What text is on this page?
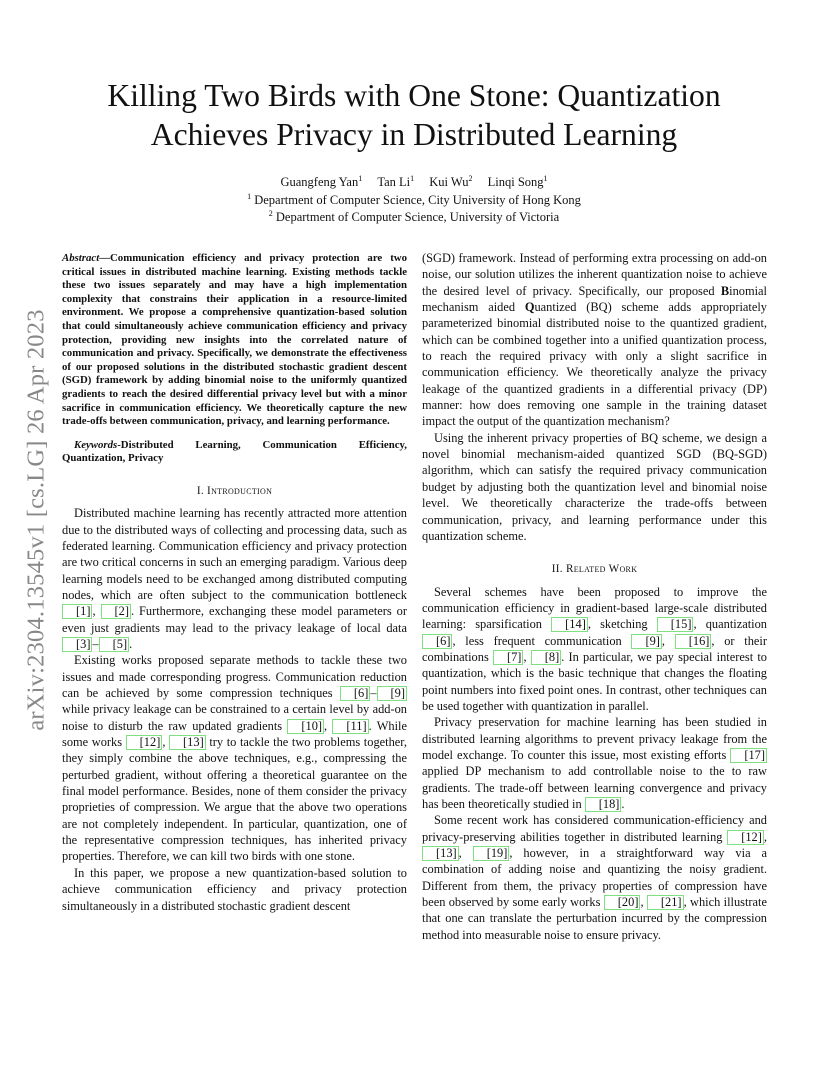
arXiv:2304.13545v1 [cs.LG] 26 Apr 2023
Killing Two Birds with One Stone: Quantization
Achieves Privacy in Distributed Learning
Guangfeng Yan$^1$ Tan Li$^1$ Kui Wu$^2$ Linqi Song$^1$
$^1$ Department of Computer Science, City University of Hong Kong
$^2$ Department of Computer Science, University of Victoria

Abstract—Communication efficiency and privacy protection are two critical issues in distributed machine learning. Existing methods tackle these two issues separately and may have a high implementation complexity that constrains their application in a resource-limited environment. We propose a comprehensive quantization-based solution that could simultaneously achieve communication efficiency and privacy protection, providing new insights into the correlated nature of communication and privacy. Specifically, we demonstrate the effectiveness of our proposed solutions in the distributed stochastic gradient descent (SGD) framework by adding binomial noise to the uniformly quantized gradients to reach the desired differential privacy level but with a minor sacrifice in communication efficiency. We theoretically capture the new trade-offs between communication, privacy, and learning performance.

Keywords-Distributed Learning, Communication Efficiency, Quantization, Privacy

I. Introduction

Distributed machine learning has recently attracted more attention due to the distributed ways of collecting and processing data, such as federated learning. Communication efficiency and privacy protection are two critical concerns in such an emerging paradigm. Various deep learning models need to be exchanged among distributed computing nodes, which are often subject to the communication bottleneck [1] , [2] . Furthermore, exchanging these model parameters or even just gradients may lead to the privacy leakage of local data [3] – [5] .

Existing works proposed separate methods to tackle these two issues and made corresponding progress. Communication reduction can be achieved by some compression techniques [6] – [9] while privacy leakage can be constrained to a certain level by add-on noise to disturb the raw updated gradients [10] , [11] . While some works [12] , [13] try to tackle the two problems together, they simply combine the above techniques, e.g., compressing the perturbed gradient, without offering a theoretical guarantee on the final model performance. Besides, none of them consider the privacy proprieties of compression. We argue that the above two operations are not completely independent. In particular, quantization, one of the representative compression techniques, has inherited privacy properties. Therefore, we can kill two birds with one stone.

In this paper, we propose a new quantization-based solution to achieve communication efficiency and privacy protection simultaneously in a distributed stochastic gradient descent

(SGD) framework. Instead of performing extra processing on add-on noise, our solution utilizes the inherent quantization noise to achieve the desired level of privacy. Specifically, our proposed Binomial mechanism aided Quantized (BQ) scheme adds appropriately parameterized binomial distributed noise to the quantized gradient, which can be combined together into a unified quantization process, to reach the required privacy with only a slight sacrifice in communication efficiency. We theoretically analyze the privacy leakage of the quantized gradients in a differential privacy (DP) manner: how does removing one sample in the training dataset impact the output of the quantization mechanism?

Using the inherent privacy properties of BQ scheme, we design a novel binomial mechanism-aided quantized SGD (BQ-SGD) algorithm, which can satisfy the required privacy communication budget by adjusting both the quantization level and binomial noise level. We theoretically characterize the trade-offs between communication, privacy, and learning performance under this quantization scheme.

II. Related Work

Several schemes have been proposed to improve the communication efficiency in gradient-based large-scale distributed learning: sparsification [14] , sketching [15] , quantization [6] , less frequent communication [9] , [16] , or their combinations [7] , [8] . In particular, we pay special interest to quantization, which is the basic technique that changes the floating point numbers into fixed point ones. In contrast, other techniques can be used together with quantization in parallel.

Privacy preservation for machine learning has been studied in distributed learning algorithms to prevent privacy leakage from the model exchange. To counter this issue, most existing efforts [17] applied DP mechanism to add controllable noise to the to raw gradients. The trade-off between learning convergence and privacy has been theoretically studied in [18] .

Some recent work has considered communication-efficiency and privacy-preserving abilities together in distributed learning [12] , [13] , [19] , however, in a straightforward way via a combination of adding noise and quantizing the noisy gradient. Different from them, the privacy properties of compression have been observed by some early works [20] , [21] , which illustrate that one can translate the perturbation incurred by the compression method into measurable noise to ensure privacy.
